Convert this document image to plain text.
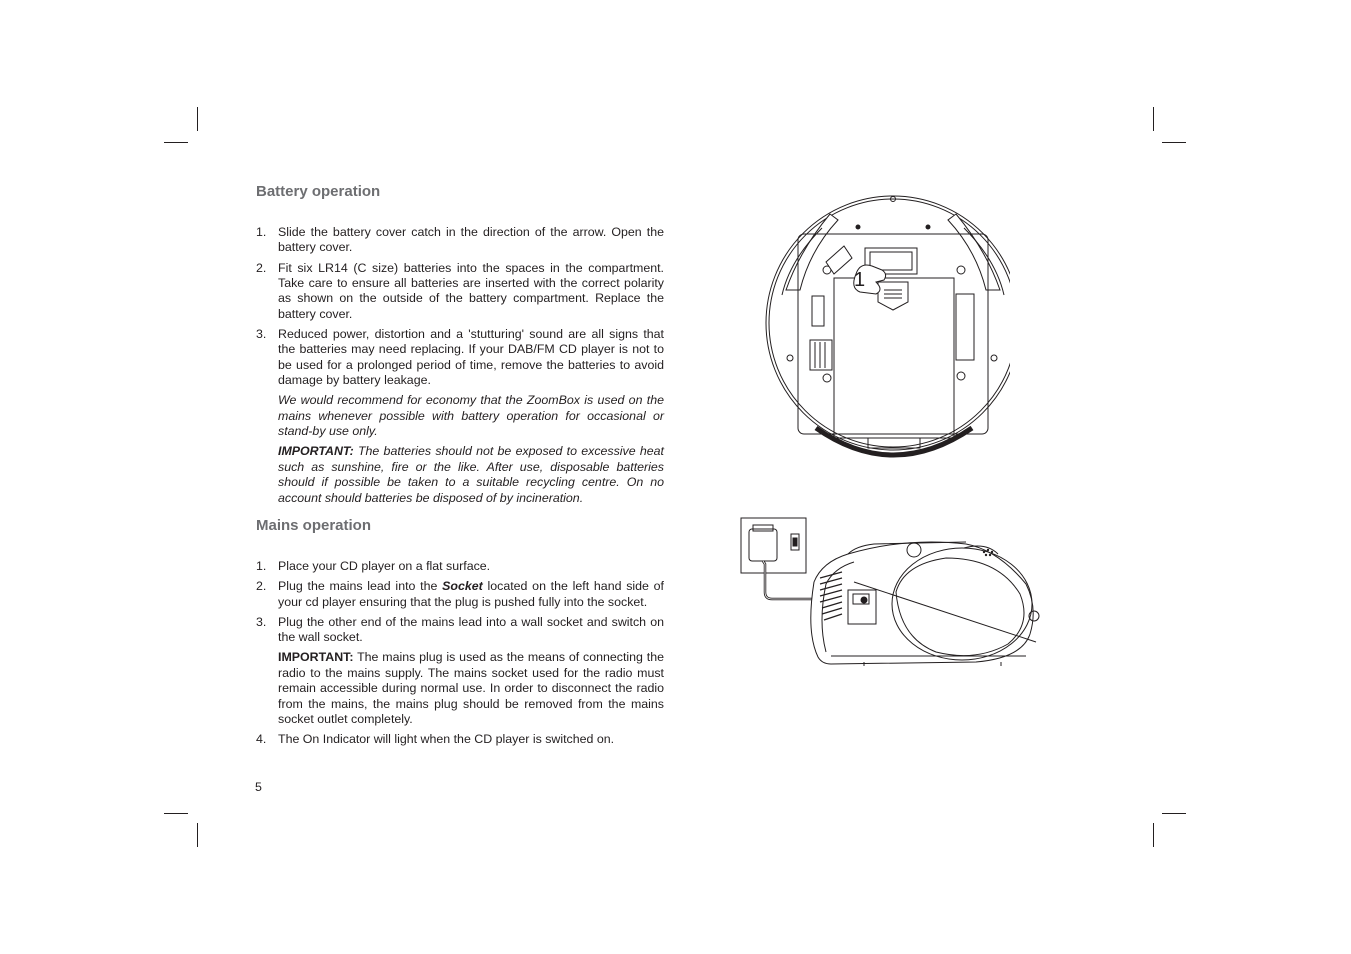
Battery operation
1. Slide the battery cover catch in the direction of the arrow. Open the battery cover.
2. Fit six LR14 (C size) batteries into the spaces in the compartment. Take care to ensure all batteries are inserted with the correct polarity as shown on the outside of the battery compartment. Replace the battery cover.
3. Reduced power, distortion and a 'stutturing' sound are all signs that the batteries may need replacing. If your DAB/FM CD player is not to be used for a prolonged period of time, remove the batteries to avoid damage by battery leakage.
We would recommend for economy that the ZoomBox is used on the mains whenever possible with battery operation for occasional or stand-by use only.
IMPORTANT: The batteries should not be exposed to excessive heat such as sunshine, fire or the like. After use, disposable batteries should if possible be taken to a suitable recycling centre. On no account should batteries be disposed of by incineration.
Mains operation
1. Place your CD player on a flat surface.
2. Plug the mains lead into the Socket located on the left hand side of your cd player ensuring that the plug is pushed fully into the socket.
3. Plug the other end of the mains lead into a wall socket and switch on the wall socket.
IMPORTANT: The mains plug is used as the means of connecting the radio to the mains supply. The mains socket used for the radio must remain accessible during normal use. In order to disconnect the radio from the mains, the mains plug should be removed from the mains socket outlet completely.
4. The On Indicator will light when the CD player is switched on.
5
1
